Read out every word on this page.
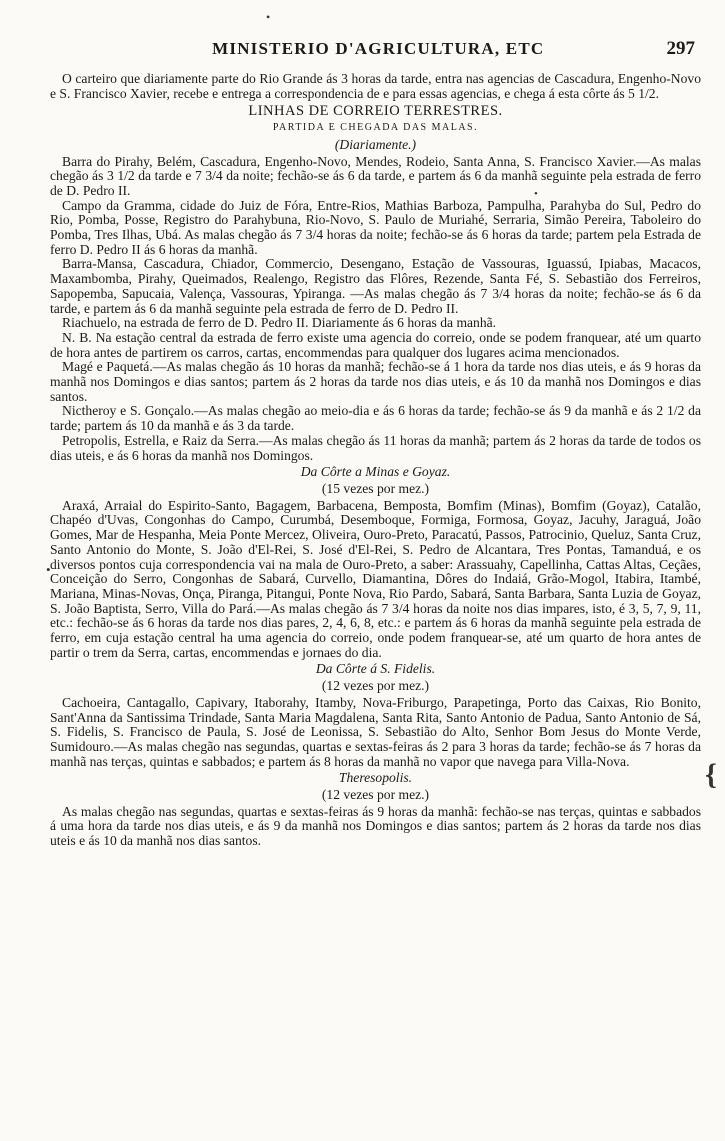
•
•
•
{
MINISTERIO D'AGRICULTURA, ETC	297

O carteiro que diariamente parte do Rio Grande ás 3 horas da tarde, entra nas agencias de Cascadura, Engenho-Novo e S. Francisco Xavier, recebe e entrega a correspondencia de e para essas agencias, e chega á esta côrte ás 5 1/2.

LINHAS DE CORREIO TERRESTRES.
PARTIDA E CHEGADA DAS MALAS.
(Diariamente.)

Barra do Pirahy, Belém, Cascadura, Engenho-Novo, Mendes, Rodeio, Santa Anna, S. Francisco Xavier.—As malas chegão ás 3 1/2 da tarde e 7 3/4 da noite; fechão-se ás 6 da tarde, e partem ás 6 da manhã seguinte pela estrada de ferro de D. Pedro II.

Campo da Gramma, cidade do Juiz de Fóra, Entre-Rios, Mathias Barboza, Pampulha, Parahyba do Sul, Pedro do Rio, Pomba, Posse, Registro do Parahybuna, Rio-Novo, S. Paulo de Muriahé, Serraria, Simão Pereira, Taboleiro do Pomba, Tres Ilhas, Ubá. As malas chegão ás 7 3/4 horas da noite; fechão-se ás 6 horas da tarde; partem pela Estrada de ferro D. Pedro II ás 6 horas da manhã.

Barra-Mansa, Cascadura, Chiador, Commercio, Desengano, Estação de Vassouras, Iguassú, Ipiabas, Macacos, Maxambomba, Pirahy, Queimados, Realengo, Registro das Flôres, Rezende, Santa Fé, S. Sebastião dos Ferreiros, Sapopemba, Sapucaia, Valença, Vassouras, Ypiranga. —As malas chegão ás 7 3/4 horas da noite; fechão-se ás 6 da tarde, e partem ás 6 da manhã seguinte pela estrada de ferro de D. Pedro II.

Riachuelo, na estrada de ferro de D. Pedro II. Diariamente ás 6 horas da manhã.

N. B. Na estação central da estrada de ferro existe uma agencia do correio, onde se podem franquear, até um quarto de hora antes de partirem os carros, cartas, encommendas para qualquer dos lugares acima mencionados.

Magé e Paquetá.—As malas chegão ás 10 horas da manhã; fechão-se á 1 hora da tarde nos dias uteis, e ás 9 horas da manhã nos Domingos e dias santos; partem ás 2 horas da tarde nos dias uteis, e ás 10 da manhã nos Domingos e dias santos.

Nictheroy e S. Gonçalo.—As malas chegão ao meio-dia e ás 6 horas da tarde; fechão-se ás 9 da manhã e ás 2 1/2 da tarde; partem ás 10 da manhã e ás 3 da tarde.

Petropolis, Estrella, e Raiz da Serra.—As malas chegão ás 11 horas da manhã; partem ás 2 horas da tarde de todos os dias uteis, e ás 6 horas da manhã nos Domingos.

Da Côrte a Minas e Goyaz.
(15 vezes por mez.)

Araxá, Arraial do Espirito-Santo, Bagagem, Barbacena, Bemposta, Bomfim (Minas), Bomfim (Goyaz), Catalão, Chapéo d'Uvas, Congonhas do Campo, Curumbá, Desemboque, Formiga, Formosa, Goyaz, Jacuhy, Jaraguá, João Gomes, Mar de Hespanha, Meia Ponte Mercez, Oliveira, Ouro-Preto, Paracatú, Passos, Patrocinio, Queluz, Santa Cruz, Santo Antonio do Monte, S. João d'El-Rei, S. José d'El-Rei, S. Pedro de Alcantara, Tres Pontas, Tamanduá, e os diversos pontos cuja correspondencia vai na mala de Ouro-Preto, a saber: Arassuahy, Capellinha, Cattas Altas, Ceçães, Conceição do Serro, Congonhas de Sabará, Curvello, Diamantina, Dôres do Indaiá, Grão-Mogol, Itabira, Itambé, Mariana, Minas-Novas, Onça, Piranga, Pitangui, Ponte Nova, Rio Pardo, Sabará, Santa Barbara, Santa Luzia de Goyaz, S. João Baptista, Serro, Villa do Pará.—As malas chegão ás 7 3/4 horas da noite nos dias impares, isto, é 3, 5, 7, 9, 11, etc.: fechão-se ás 6 horas da tarde nos dias pares, 2, 4, 6, 8, etc.: e partem ás 6 horas da manhã seguinte pela estrada de ferro, em cuja estação central ha uma agencia do correio, onde podem franquear-se, até um quarto de hora antes de partir o trem da Serra, cartas, encommendas e jornaes do dia.

Da Côrte á S. Fidelis.
(12 vezes por mez.)

Cachoeira, Cantagallo, Capivary, Itaborahy, Itamby, Nova-Friburgo, Parapetinga, Porto das Caixas, Rio Bonito, Sant'Anna da Santissima Trindade, Santa Maria Magdalena, Santa Rita, Santo Antonio de Padua, Santo Antonio de Sá, S. Fidelis, S. Francisco de Paula, S. José de Leonissa, S. Sebastião do Alto, Senhor Bom Jesus do Monte Verde, Sumidouro.—As malas chegão nas segundas, quartas e sextas-feiras ás 2 para 3 horas da tarde; fechão-se ás 7 horas da manhã nas terças, quintas e sabbados; e partem ás 8 horas da manhã no vapor que navega para Villa-Nova.

Theresopolis.
(12 vezes por mez.)

As malas chegão nas segundas, quartas e sextas-feiras ás 9 horas da manhã: fechão-se nas terças, quintas e sabbados á uma hora da tarde nos dias uteis, e ás 9 da manhã nos Domingos e dias santos; partem ás 2 horas da tarde nos dias uteis e ás 10 da manhã nos dias santos.
